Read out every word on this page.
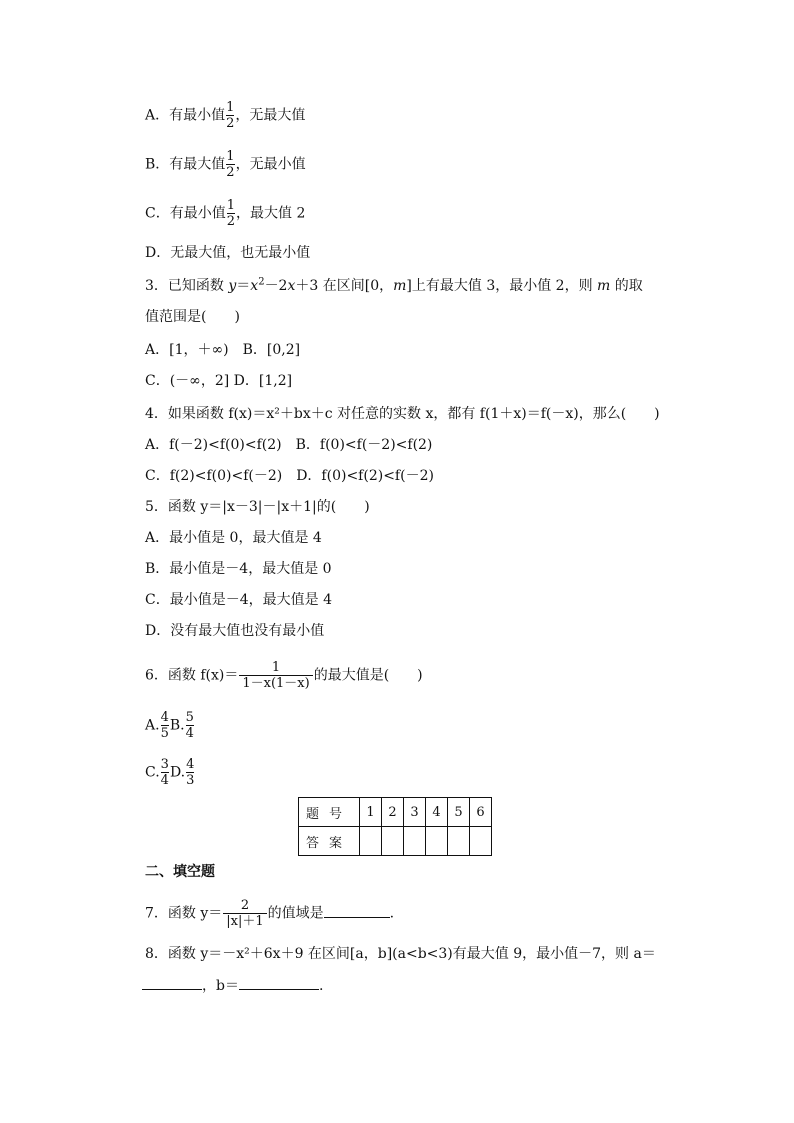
A．有最小值 $\frac{1}{2}$ ，无最大值
B．有最大值 $\frac{1}{2}$ ，无最小值
C．有最小值 $\frac{1}{2}$ ，最大值 2
D．无最大值，也无最小值
3．已知函数 $y=x^2-2x+3$ 在区间[0，m]上有最大值 3，最小值 2，则 m 的取
值范围是(　　)
A．[1，＋∞)　B．[0,2]
C．(－∞，2] D．[1,2]
4．如果函数 f(x)＝x²＋bx＋c 对任意的实数 x，都有 f(1＋x)＝f(－x)，那么(　　)
A．f(－2)<f(0)<f(2)　B．f(0)<f(－2)<f(2)
C．f(2)<f(0)<f(－2)　D．f(0)<f(2)<f(－2)
5．函数 y＝|x－3|－|x＋1|的(　　)
A．最小值是 0，最大值是 4
B．最小值是－4，最大值是 0
C．最小值是－4，最大值是 4
D．没有最大值也没有最小值
6．函数 $f(x)= \frac{1}{1-x(1-x)}$ 的最大值是(　　)
A. $\frac{4}{5} B$. $\frac{5}{4}$
C. $\frac{3}{4} D$. $\frac{4}{3}$
题号	1	2	3	4	5	6
答案						
二、填空题
7．函数 $y= \frac{2}{|x|+1}$ 的值域是	.
8．函数 y＝－x²＋6x＋9 在区间[a，b](a<b<3)有最大值 9，最小值－7，则 a＝
，b＝	.
